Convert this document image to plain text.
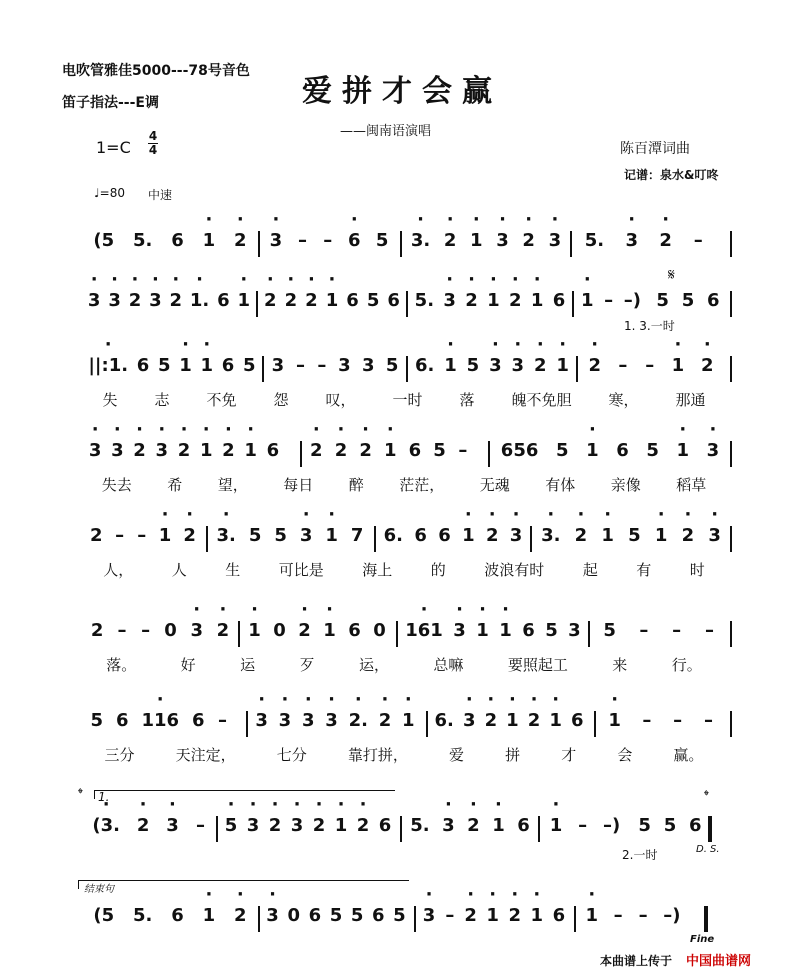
电吹管雅佳5000---78号音色
笛子指法---E调	爱拼才会赢
——闽南语演唱
1=C
4
4	陈百潭词曲
记谱：泉水&叮咚
♩=80 中速
(5 5. 6 · 1 · 2 · 3 – – · 6 5 · 3. · 2 · 1 · 3 · 2 · 3 5. · 3 · 2 –
· 3 · 3 · 2 · 3 · 2 · 1. 6 · 1 · 2 · 2 · 2 · 1 6 5 6 5. · 3 · 2 · 1 · 2 · 1 6 · 1 – –) 5 5 6
𝄋
1. 3.一时
· ||:1. 6 5 · 1 · 1 6 5 3 – – 3 3 5 6. · 1 5 · 3 · 3 · 2 · 1 · 2 – – · 1 · 2
失 志 不免 怨 叹， 一时 落 魄不免胆 寒， 那通
· 3 · 3 · 2 · 3 · 2 · 1 · 2 · 1 6 · 2 · 2 · 2 · 1 6 5 – 656 5 · 1 6 5 · 1 · 3
失去 希 望， 每日 醉 茫茫， 无魂 有体 亲像 稻草
2 – – · 1 · 2 · 3. 5 5 · 3 · 1 7 6. 6 6 · 1 · 2 · 3 · 3. · 2 · 1 5 · 1 · 2 · 3
人，	人	生	可比是	海上	的	波浪有时	起	有	时
2 – – 0 · 3 · 2 · 1 0 · 2 · 1 6 0 · 161 · 3 · 1 · 1 6 5 3 5 – – –
落。	好	运	歹	运，	总嘛	要照起工	来	行。
5 6 · 116 6 – · 3 · 3 · 3 · 3 · 2. · 2 · 1 6. · 3 · 2 · 1 · 2 · 1 6 · 1 – – –
三分	天注定，	七分	靠打拼，	爱	拼	才	会	赢。
𝄌 1.
· (3. · 2 · 3 – · 5 · 3 · 2 · 3 · 2 · 1 · 2 6 5. · 3 · 2 · 1 6 · 1 – –) 5 5 6
𝄌
2.一时	D. S.
结束句
(5 5. 6 · 1 · 2 · 3 0 6 5 5 6 5 · 3 – · 2 · 1 · 2 · 1 6 · 1 – – –)
Fine
本曲谱上传于 中国曲谱网
